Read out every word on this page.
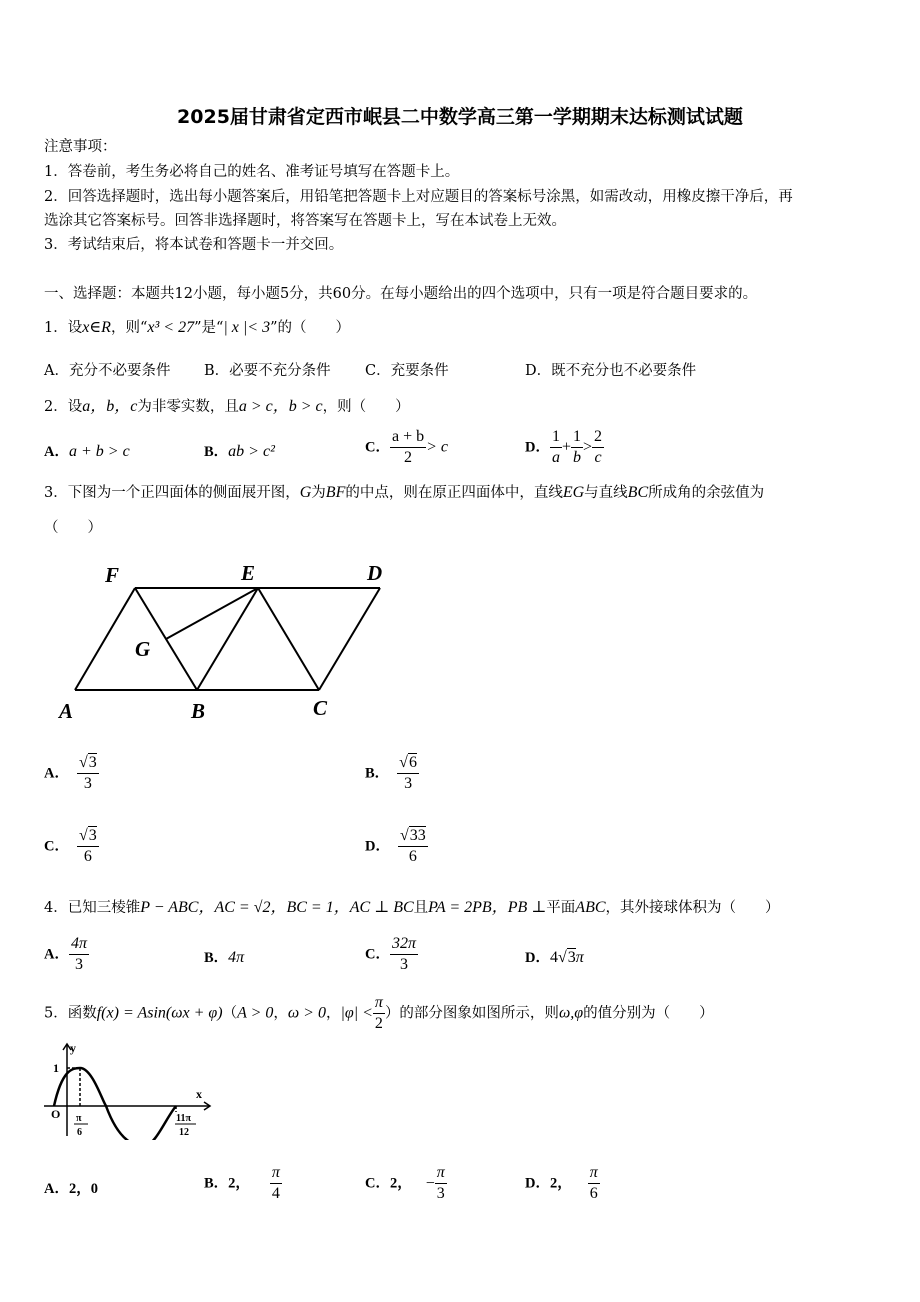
2025届甘肃省定西市岷县二中数学高三第一学期期末达标测试试题
注意事项：
1．答卷前，考生务必将自己的姓名、准考证号填写在答题卡上。
2．回答选择题时，选出每小题答案后，用铅笔把答题卡上对应题目的答案标号涂黑，如需改动，用橡皮擦干净后，再
选涂其它答案标号。回答非选择题时，将答案写在答题卡上，写在本试卷上无效。
3．考试结束后，将本试卷和答题卡一并交回。
一、选择题：本题共12小题，每小题5分，共60分。在每小题给出的四个选项中，只有一项是符合题目要求的。
1．设x∈R，则“x³ < 27”是“| x |< 3”的（　　）
A．充分不必要条件 B．必要不充分条件 C．充要条件	D．既不充分也不必要条件
2．设a，b，c为非零实数，且a > c，b > c，则（　　）
A．a + b > c	B．ab > c²	C． $\frac{a + b}{2} > c$	D． $\frac{1}{a} + \frac{1}{b} > \frac{2}{c}$
3．下图为一个正四面体的侧面展开图，G为BF的中点，则在原正四面体中，直线EG与直线BC所成角的余弦值为
（　　）
F	E	D
G
A	B	C
A． $\frac{√3}{3}$	B． $\frac{√6}{3}$
C． $\frac{√3}{6}$	D． $\frac{√33}{6}$
4．已知三棱锥P − ABC，AC = √2，BC = 1，AC ⊥ BC且PA = 2PB，PB ⊥平面ABC，其外接球体积为（　　）
A． $\frac{4\pi}{3}$	B．4π	C． $\frac{32\pi}{3}$	D．4√3π
5．函数f(x) = Asin(ωx + φ)（A > 0，ω > 0，$|\varphi| < \frac{\pi}{2}$ ）的部分图象如图所示，则ω,φ的值分别为（　　）
y
x
1
O π
6
11π
12
A．2，0	B．2， $\frac{\pi}{4}$	C．2， − $\frac{\pi}{3}$	D．2， $\frac{\pi}{6}$
